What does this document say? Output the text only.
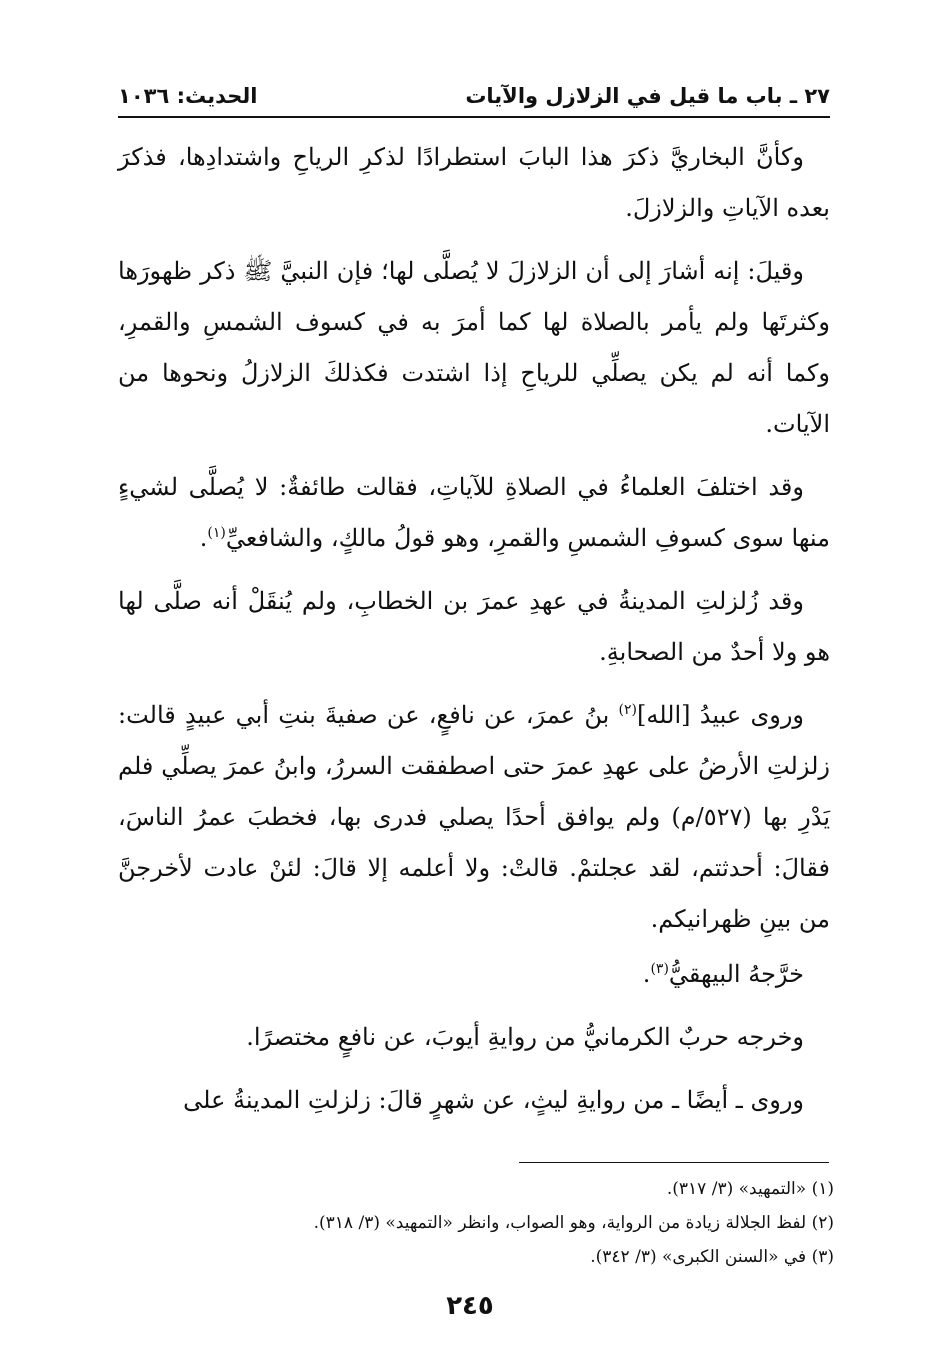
٢٧ ـ باب ما قيل في الزلازل والآيات
الحديث: ١٠٣٦

وكأنَّ البخاريَّ ذكرَ هذا البابَ استطرادًا لذكرِ الرياحِ واشتدادِها، فذكرَ بعده الآياتِ والزلازلَ.

وقيلَ: إنه أشارَ إلى أن الزلازلَ لا يُصلَّى لها؛ فإن النبيَّ ﷺ ذكر ظهورَها وكثرتَها ولم يأمر بالصلاة لها كما أمرَ به في كسوف الشمسِ والقمرِ، وكما أنه لم يكن يصلِّي للرياحِ إذا اشتدت فكذلكَ الزلازلُ ونحوها من الآيات.

وقد اختلفَ العلماءُ في الصلاةِ للآياتِ، فقالت طائفةٌ: لا يُصلَّى لشيءٍ منها سوى كسوفِ الشمسِ والقمرِ، وهو قولُ مالكٍ، والشافعيِّ$^{(١)}$.

وقد زُلزلتِ المدينةُ في عهدِ عمرَ بن الخطابِ، ولم يُنقَلْ أنه صلَّى لها هو ولا أحدٌ من الصحابةِ.

وروى عبيدُ [الله]$^{(٢)}$ بنُ عمرَ، عن نافعٍ، عن صفيةَ بنتِ أبي عبيدٍ قالت: زلزلتِ الأرضُ على عهدِ عمرَ حتى اصطفقت السررُ، وابنُ عمرَ يصلِّي فلم يَدْرِ بها (٥٢٧/م) ولم يوافق أحدًا يصلي فدرى بها، فخطبَ عمرُ الناسَ، فقالَ: أحدثتم، لقد عجلتمْ. قالتْ: ولا أعلمه إلا قالَ: لئنْ عادت لأخرجنَّ من بينِ ظهرانيكم.

خرَّجهُ البيهقيُّ$^{(٣)}$.

وخرجه حربٌ الكرمانيُّ من روايةِ أيوبَ، عن نافعٍ مختصرًا.

وروى ـ أيضًا ـ من روايةِ ليثٍ، عن شهرٍ قالَ: زلزلتِ المدينةُ على

(١) «التمهيد» (٣/ ٣١٧).
(٢) لفظ الجلالة زيادة من الرواية، وهو الصواب، وانظر «التمهيد» (٣/ ٣١٨).
(٣) في «السنن الكبرى» (٣/ ٣٤٢).
٢٤٥
